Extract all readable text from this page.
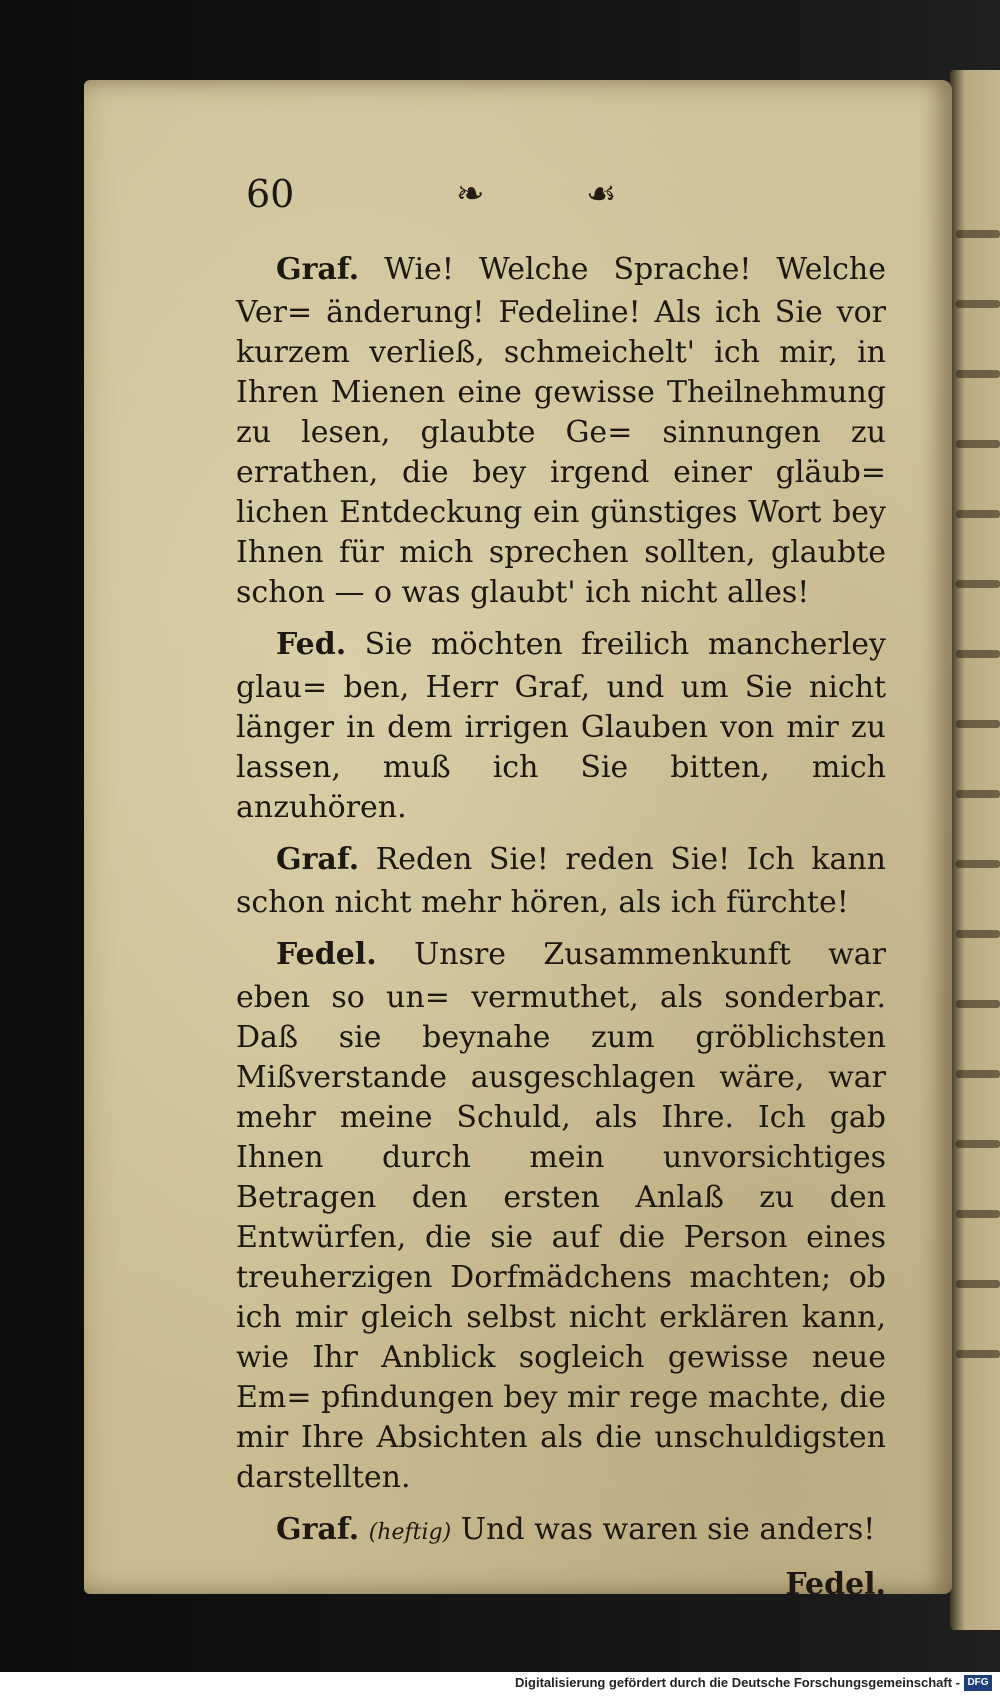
60	❧	☙

Graf. Wie! Welche Sprache! Welche Ver= änderung! Fedeline! Als ich Sie vor kurzem verließ, schmeichelt' ich mir, in Ihren Mienen eine gewisse Theilnehmung zu lesen, glaubte Ge= sinnungen zu errathen, die bey irgend einer gläub= lichen Entdeckung ein günstiges Wort bey Ihnen für mich sprechen sollten, glaubte schon — o was glaubt' ich nicht alles!

Fed. Sie möchten freilich mancherley glau= ben, Herr Graf, und um Sie nicht länger in dem irrigen Glauben von mir zu lassen, muß ich Sie bitten, mich anzuhören.

Graf. Reden Sie! reden Sie! Ich kann schon nicht mehr hören, als ich fürchte!

Fedel. Unsre Zusammenkunft war eben so un= vermuthet, als sonderbar. Daß sie beynahe zum gröblichsten Mißverstande ausgeschlagen wäre, war mehr meine Schuld, als Ihre. Ich gab Ihnen durch mein unvorsichtiges Betragen den ersten Anlaß zu den Entwürfen, die sie auf die Person eines treuherzigen Dorfmädchens machten; ob ich mir gleich selbst nicht erklären kann, wie Ihr Anblick sogleich gewisse neue Em= pfindungen bey mir rege machte, die mir Ihre Absichten als die unschuldigsten darstellten.

Graf. (heftig) Und was waren sie anders!

Fedel.
Digitalisierung gefördert durch die Deutsche Forschungsgemeinschaft - DFG
